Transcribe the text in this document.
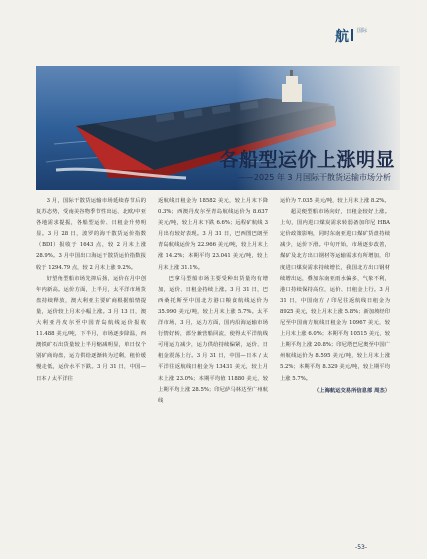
航 国际
各船型运价上涨明显
——2025 年 3 月国际干散货运输市场分析

3 月，国际干散货运输市场延续春节后的复苏态势，受南美谷物季节性出运、北欧/中亚各地需求提振，各船型运价、日租金升势明显。3 月 28 日，波罗的海干散货运价指数（BDI）报收于 1643 点，较 2 月末上涨 28.9%。3 月中国出口海运干散货运价指数报收于 1294.79 点，较 2 月末上涨 9.2%。

好望角型船市场先抑后扬，运价在月中创年内新高。运价方面，上半月，太平洋市场货盘持续释放，澳大利亚主要矿商根据船情提量，运价较上月末小幅上涨。3 月 13 日，澳大利亚丹皮尔至中国青岛航线运价报收 11.488 美元/吨，下半月，市场逐步降温，西澳铁矿石出货量较上半月缩减明显，单日仅个别矿商询盘，运力供给逐渐转为过剩，租价缓慢走低，运价水平下跌。3 月 31 日，中国—日本 / 太平洋往

返航线日租金为 18582 美元，较上月末下降 0.3%；西澳丹皮尔至青岛航线运价为 8.637 美元/吨，较上月末下跌 6.6%；远程矿航线 3 月出有较好表现。3 月 31 日，巴西图巴朗至青岛航线运价为 22.966 美元/吨，较上月末上涨 14.2%；本期平均 23.041 美元/吨，较上月末上涨 31.1%。

巴拿马型船市场主要受种出货量均有增加，运价、日租金持续上涨。3 月 31 日，巴西桑托斯至中国北方港口粮食航线运价为 35.990 美元/吨，较上月末上涨 5.7%。太平洋市场，3 月，运力方面，国内沿海运输市场行情好转，部分兼营船回流，使得太平洋航线可用运力减少，运力供给持续偏紧，运价、日租金震荡上行。3 月 31 日，中国—日本 / 太平洋往返航线日租金为 13431 美元，较上月末上涨 23.0%；本期平均值 11880 美元，较上期平均上涨 28.5%；印尼萨马林达至广州航线

运价为 7.035 美元/吨，较上月末上涨 8.2%。

超灵便型船市场向好，日租金较好上涨。上旬，国内进口煤炭需求转弱备加印尼 HBA 定价政策影响，同时东南亚进口煤矿货盘持续减少，运价下滑。中旬开始，市场逐步改善，煤矿及北方出口钢材等运输需求有所增加，印度进口煤炭需求持续增长，我国北方出口钢材续增出运，叠加东南亚雨水偏多，气象不利，港口持续保持高位，运价、日租金上行。3 月 31 日，中国南方 / 印尼往返航线日租金为 8925 美元，较上月末上涨 5.8%；新加坡经印尼至中国南方航线日租金为 10967 美元，较上月末上涨 6.0%；本期平均 10515 美元，较上期平均上涨 20.8%；印尼塔巴尼奥至中国广州航线运价为 8.595 美元/吨，较上月末上涨 5.2%；本期平均 8.329 美元/吨，较上期平均上涨 5.7%。

（上海航运交易所信息部 周杰）
-53-
